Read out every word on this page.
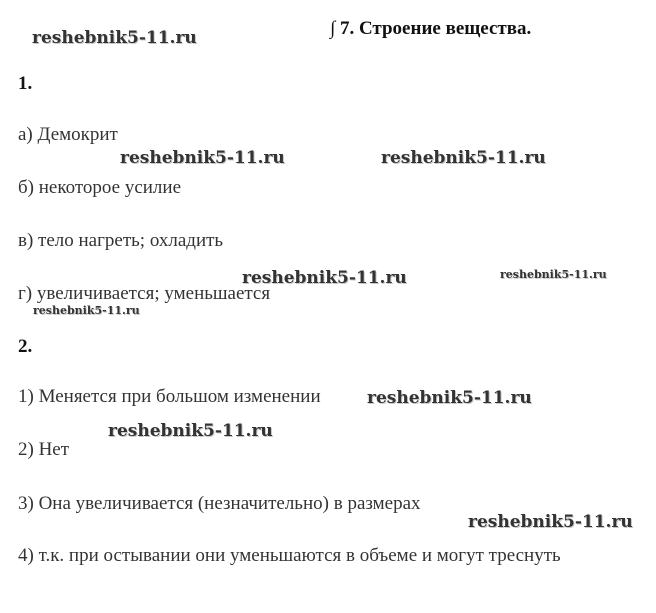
∫ 7. Строение вещества.
1.
а) Демокрит
б) некоторое усилие
в) тело нагреть; охладить
г) увеличивается; уменьшается
2.
1) Меняется при большом изменении
2) Нет
3) Она увеличивается (незначительно) в размерах
4) т.к. при остывании они уменьшаются в объеме и могут треснуть
reshebnik5-11.ru
reshebnik5-11.ru	reshebnik5-11.ru
reshebnik5-11.ru	reshebnik5-11.ru
reshebnik5-11.ru
reshebnik5-11.ru
reshebnik5-11.ru
reshebnik5-11.ru
